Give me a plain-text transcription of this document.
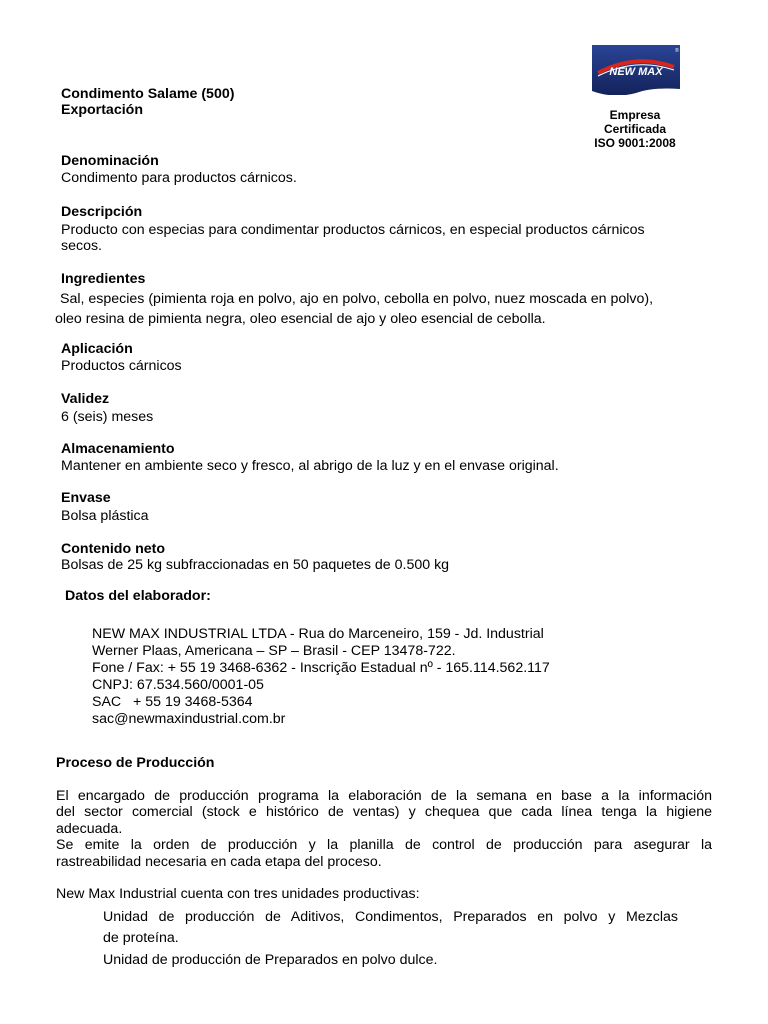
NEW MAX
®
Empresa
Certificada
ISO 9001:2008
Condimento Salame (500)
Exportación
Denominación
Condimento para productos cárnicos.
Descripción
Producto con especias para condimentar productos cárnicos, en especial productos cárnicos
secos.
Ingredientes
Sal, especies (pimienta roja en polvo, ajo en polvo, cebolla en polvo, nuez moscada en polvo),
oleo resina de pimienta negra, oleo esencial de ajo y oleo esencial de cebolla.
Aplicación
Productos cárnicos
Validez
6 (seis) meses
Almacenamiento
Mantener en ambiente seco y fresco, al abrigo de la luz y en el envase original.
Envase
Bolsa plástica
Contenido neto
Bolsas de 25 kg subfraccionadas en 50 paquetes de 0.500 kg
Datos del elaborador:
NEW MAX INDUSTRIAL LTDA - Rua do Marceneiro, 159 - Jd. Industrial
Werner Plaas, Americana – SP – Brasil - CEP 13478-722.
Fone / Fax: + 55 19 3468-6362 - Inscrição Estadual nº - 165.114.562.117
CNPJ: 67.534.560/0001-05
SAC   + 55 19 3468-5364
sac@newmaxindustrial.com.br
Proceso de Producción
El encargado de producción programa la elaboración de la semana en base a la información
del sector comercial (stock e histórico de ventas) y chequea que cada línea tenga la higiene
adecuada.
Se emite la orden de producción y la planilla de control de producción para asegurar la
rastreabilidad necesaria en cada etapa del proceso.
New Max Industrial cuenta con tres unidades productivas:
Unidad de producción de Aditivos, Condimentos, Preparados en polvo y Mezclas
de proteína.
Unidad de producción de Preparados en polvo dulce.
